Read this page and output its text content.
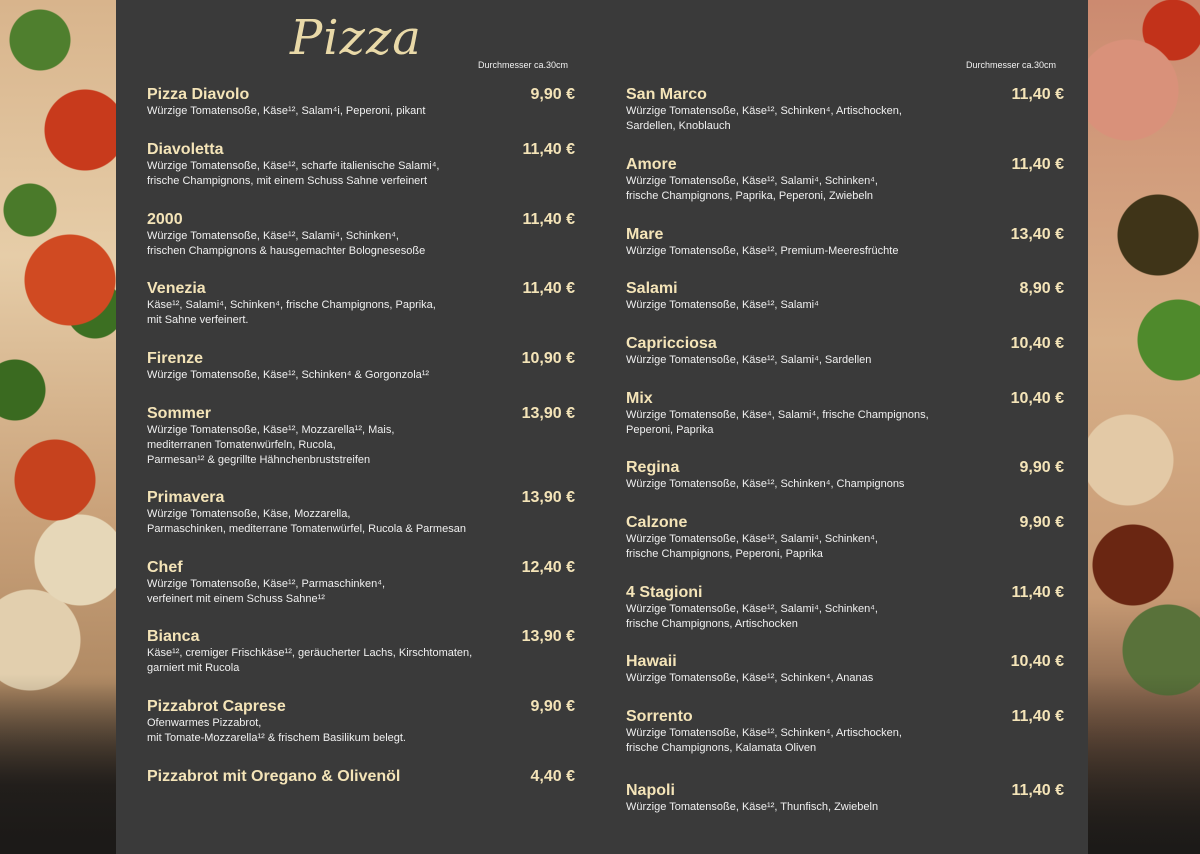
Pizza	Durchmesser ca.30cm	Durchmesser ca.30cm
Pizza Diavolo	9,90 €
Würzige Tomatensoße, Käse¹², Salam⁴i, Peperoni, pikant
Diavoletta	11,40 €
Würzige Tomatensoße, Käse¹², scharfe italienische Salami⁴,
frische Champignons, mit einem Schuss Sahne verfeinert
2000	11,40 €
Würzige Tomatensoße, Käse¹², Salami⁴, Schinken⁴,
frischen Champignons & hausgemachter Bolognesesoße
Venezia	11,40 €
Käse¹², Salami⁴, Schinken⁴, frische Champignons, Paprika,
mit Sahne verfeinert.
Firenze	10,90 €
Würzige Tomatensoße, Käse¹², Schinken⁴ & Gorgonzola¹²
Sommer	13,90 €
Würzige Tomatensoße, Käse¹², Mozzarella¹², Mais,
mediterranen Tomatenwürfeln, Rucola,
Parmesan¹² & gegrillte Hähnchenbruststreifen
Primavera	13,90 €
Würzige Tomatensoße, Käse, Mozzarella,
Parmaschinken, mediterrane Tomatenwürfel, Rucola & Parmesan
Chef	12,40 €
Würzige Tomatensoße, Käse¹², Parmaschinken⁴,
verfeinert mit einem Schuss Sahne¹²
Bianca	13,90 €
Käse¹², cremiger Frischkäse¹², geräucherter Lachs, Kirschtomaten,
garniert mit Rucola
Pizzabrot Caprese	9,90 €
Ofenwarmes Pizzabrot,
mit Tomate-Mozzarella¹² & frischem Basilikum belegt.
Pizzabrot mit Oregano & Olivenöl	4,40 €
San Marco	11,40 €
Würzige Tomatensoße, Käse¹², Schinken⁴, Artischocken,
Sardellen, Knoblauch
Amore	11,40 €
Würzige Tomatensoße, Käse¹², Salami⁴, Schinken⁴,
frische Champignons, Paprika, Peperoni, Zwiebeln
Mare	13,40 €
Würzige Tomatensoße, Käse¹², Premium-Meeresfrüchte
Salami	8,90 €
Würzige Tomatensoße, Käse¹², Salami⁴
Capricciosa	10,40 €
Würzige Tomatensoße, Käse¹², Salami⁴, Sardellen
Mix	10,40 €
Würzige Tomatensoße, Käse⁴, Salami⁴, frische Champignons,
Peperoni, Paprika
Regina	9,90 €
Würzige Tomatensoße, Käse¹², Schinken⁴, Champignons
Calzone	9,90 €
Würzige Tomatensoße, Käse¹², Salami⁴, Schinken⁴,
frische Champignons, Peperoni, Paprika
4 Stagioni	11,40 €
Würzige Tomatensoße, Käse¹², Salami⁴, Schinken⁴,
frische Champignons, Artischocken
Hawaii	10,40 €
Würzige Tomatensoße, Käse¹², Schinken⁴, Ananas
Sorrento	11,40 €
Würzige Tomatensoße, Käse¹², Schinken⁴, Artischocken,
frische Champignons, Kalamata Oliven
Napoli	11,40 €
Würzige Tomatensoße, Käse¹², Thunfisch, Zwiebeln
